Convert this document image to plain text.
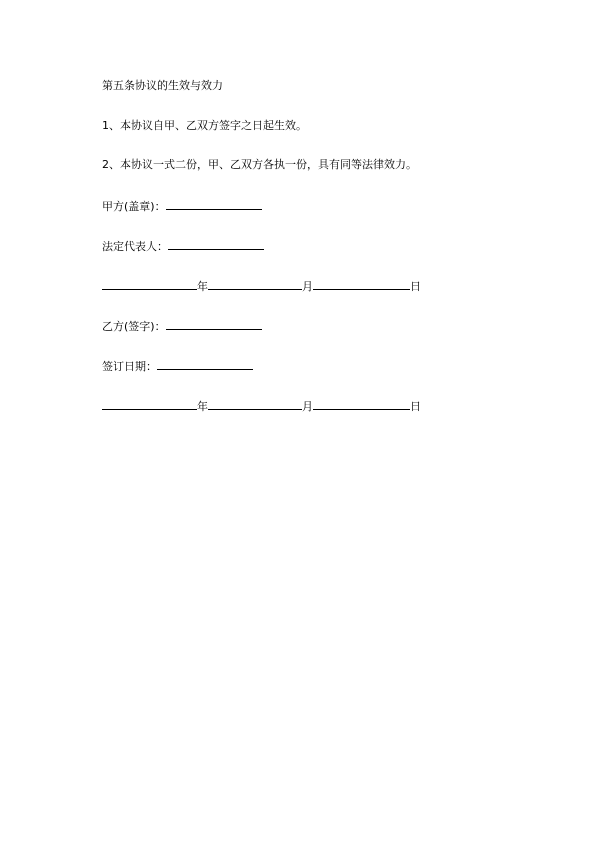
第五条协议的生效与效力
1、本协议自甲、乙双方签字之日起生效。
2、本协议一式二份，甲、乙双方各执一份，具有同等法律效力。
甲方(盖章)：
法定代表人：
年	月	日
乙方(签字)：
签订日期：
年	月	日
